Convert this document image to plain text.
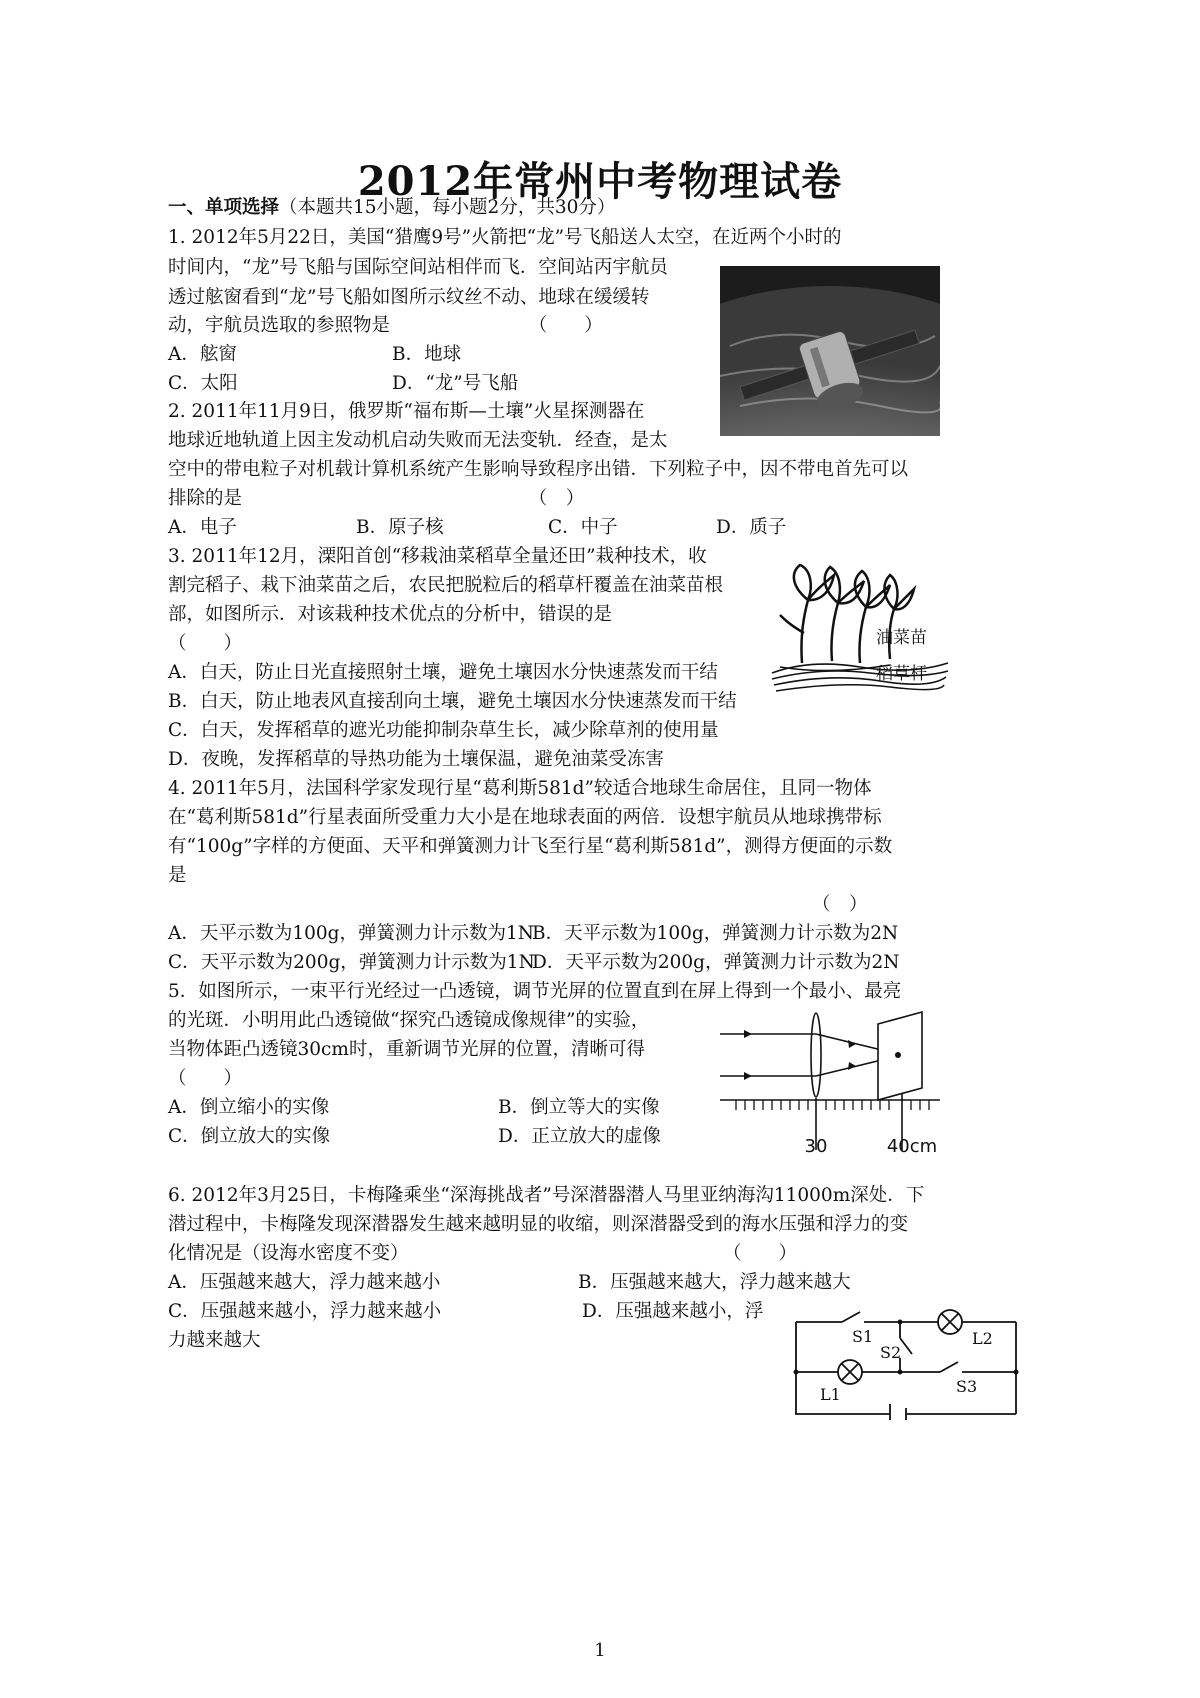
2012年常州中考物理试卷
一、单项选择（本题共15小题，每小题2分，共30分）
1. 2012年5月22日，美国“猎鹰9号”火箭把“龙”号飞船送人太空，在近两个小时的
时间内，“龙”号飞船与国际空间站相伴而飞．空间站丙宇航员
透过舷窗看到“龙”号飞船如图所示纹丝不动、地球在缓缓转
动，宇航员选取的参照物是　　　　　　　　（　　）
A．舷窗	B．地球
C．太阳	D．“龙”号飞船
2. 2011年11月9日，俄罗斯“福布斯—土壤”火星探测器在
地球近地轨道上因主发动机启动失败而无法变轨．经查，是太
空中的带电粒子对机载计算机系统产生影响导致程序出错．下列粒子中，因不带电首先可以
排除的是　　　　　　　　　　　　　　　　（　）
A．电子	B．原子核	C．中子	D．质子
3. 2011年12月，溧阳首创“移栽油菜稻草全量还田”栽种技术，收
割完稻子、栽下油菜苗之后，农民把脱粒后的稻草杆覆盖在油菜苗根
部，如图所示．对该栽种技术优点的分析中，错误的是
（　　）
A．白天，防止日光直接照射土壤，避免土壤因水分快速蒸发而干结
B．白天，防止地表风直接刮向土壤，避免土壤因水分快速蒸发而干结
C．白天，发挥稻草的遮光功能抑制杂草生长，减少除草剂的使用量
D．夜晚，发挥稻草的导热功能为土壤保温，避免油菜受冻害
油菜苗
稻草杆
4. 2011年5月，法国科学家发现行星“葛利斯581d”较适合地球生命居住，且同一物体
在“葛利斯581d”行星表面所受重力大小是在地球表面的两倍．设想宇航员从地球携带标
有“100g”字样的方便面、天平和弹簧测力计飞至行星“葛利斯581d”，测得方便面的示数
是
（　）
A．天平示数为100g，弹簧测力计示数为1N
B．天平示数为100g，弹簧测力计示数为2N
C．天平示数为200g，弹簧测力计示数为1N
D．天平示数为200g，弹簧测力计示数为2N
5．如图所示，一束平行光经过一凸透镜，调节光屏的位置直到在屏上得到一个最小、最亮
的光斑．小明用此凸透镜做“探究凸透镜成像规律”的实验，
当物体距凸透镜30cm时，重新调节光屏的位置，清晰可得
（　　）
A．倒立缩小的实像	B．倒立等大的实像
C．倒立放大的实像	D．正立放大的虚像	30	40cm
6. 2012年3月25日，卡梅隆乘坐“深海挑战者”号深潜器潜人马里亚纳海沟11000m深处．下
潜过程中，卡梅隆发现深潜器发生越来越明显的收缩，则深潜器受到的海水压强和浮力的变
化情况是（设海水密度不变）　　　　　　　　　　　　　　　　　　（　　）
A．压强越来越大，浮力越来越小	B．压强越来越大，浮力越来越大
C．压强越来越小，浮力越来越小	D．压强越来越小，浮
力越来越大	S1
S2
S3
L1
L2
1
